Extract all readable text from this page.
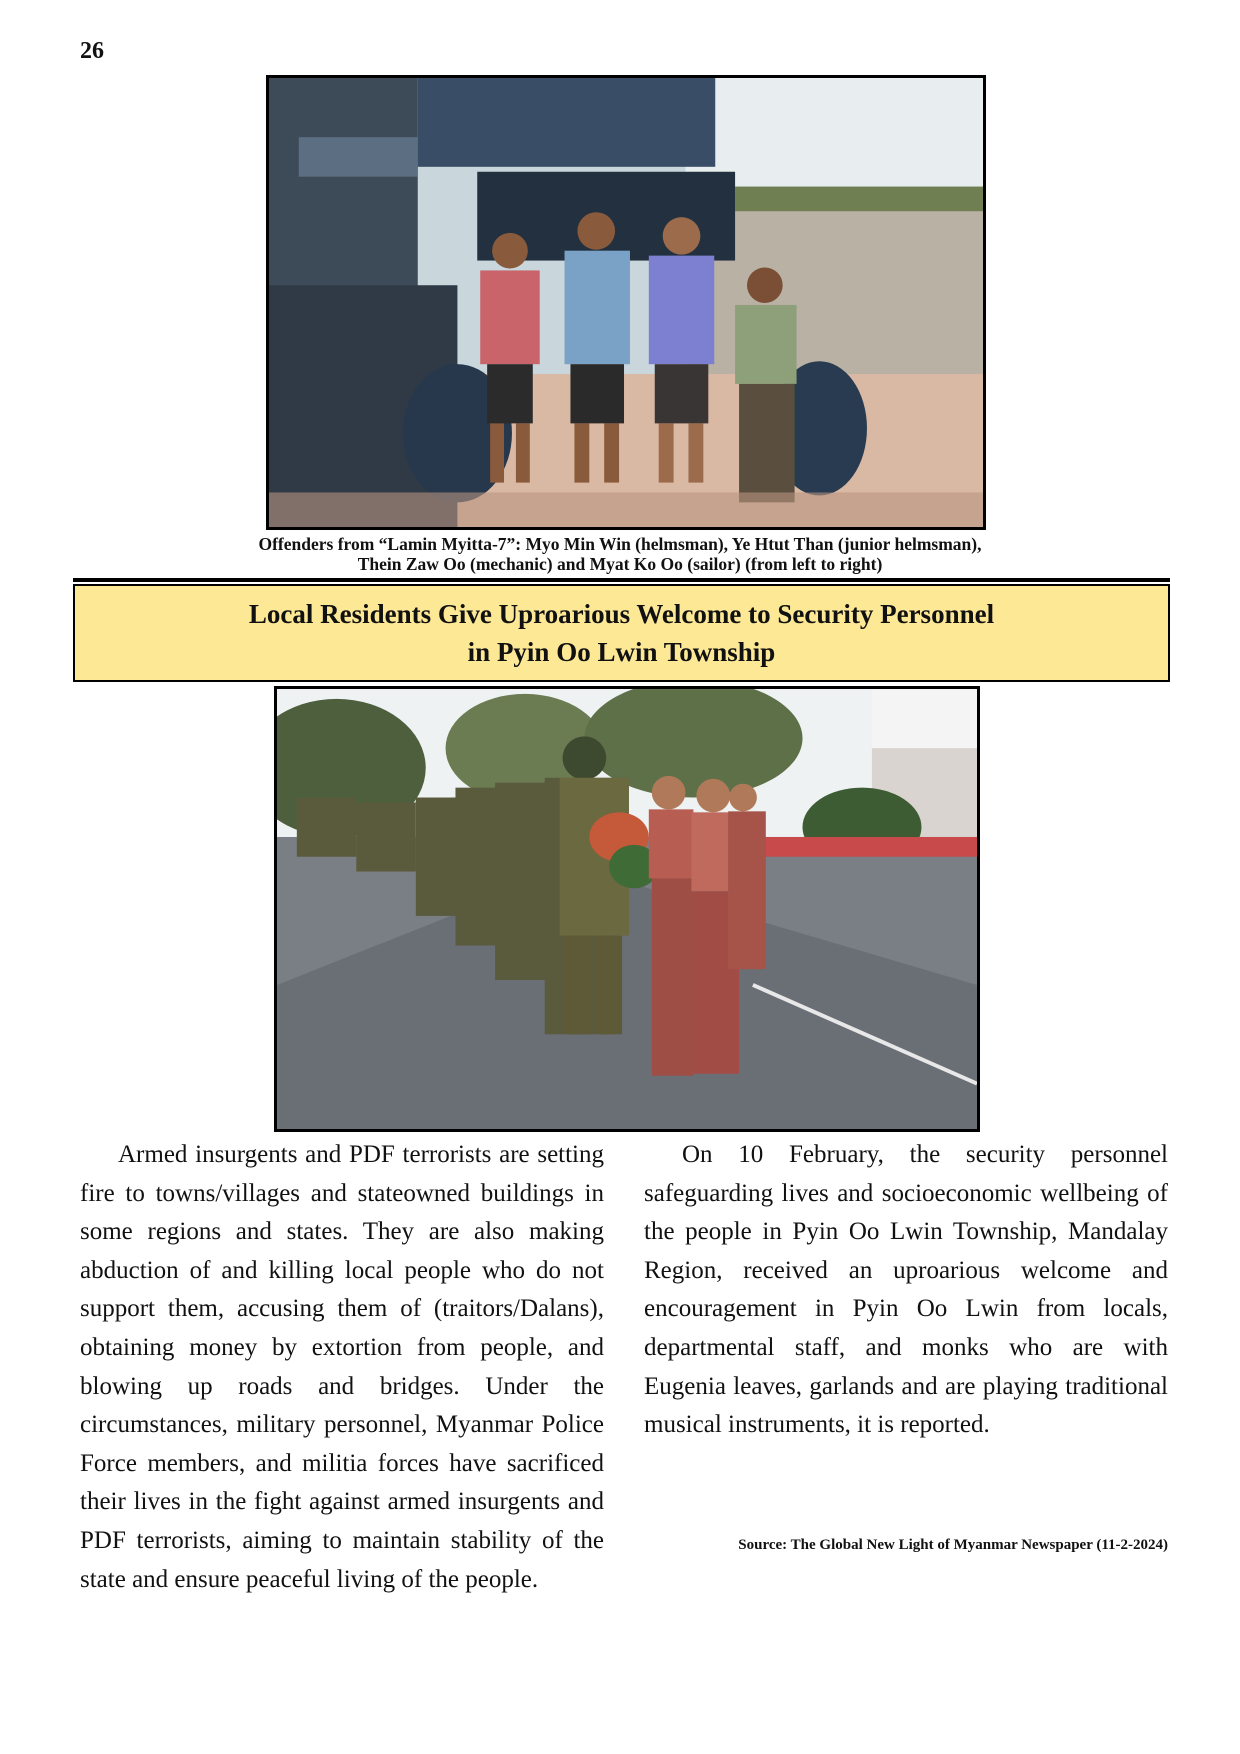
26
Offenders from “Lamin Myitta-7”: Myo Min Win (helmsman), Ye Htut Than (junior helmsman),
Thein Zaw Oo (mechanic) and Myat Ko Oo (sailor) (from left to right)
Local Residents Give Uproarious Welcome to Security Personnel
in Pyin Oo Lwin Township

Armed insurgents and PDF terrorists are setting fire to towns/villages and stateowned buildings in some regions and states. They are also making abduction of and killing local people who do not support them, accusing them of (traitors/Dalans), obtaining money by extortion from people, and blowing up roads and bridges. Under the circumstances, military personnel, Myanmar Police Force members, and militia forces have sacrificed their lives in the fight against armed insurgents and PDF terrorists, aiming to maintain stability of the state and ensure peaceful living of the people.

On 10 February, the security personnel safeguarding lives and socioeconomic wellbeing of the people in Pyin Oo Lwin Township, Mandalay Region, received an uproarious welcome and encouragement in Pyin Oo Lwin from locals, departmental staff, and monks who are with Eugenia leaves, garlands and are playing traditional musical instruments, it is reported.

Source: The Global New Light of Myanmar Newspaper (11-2-2024)
